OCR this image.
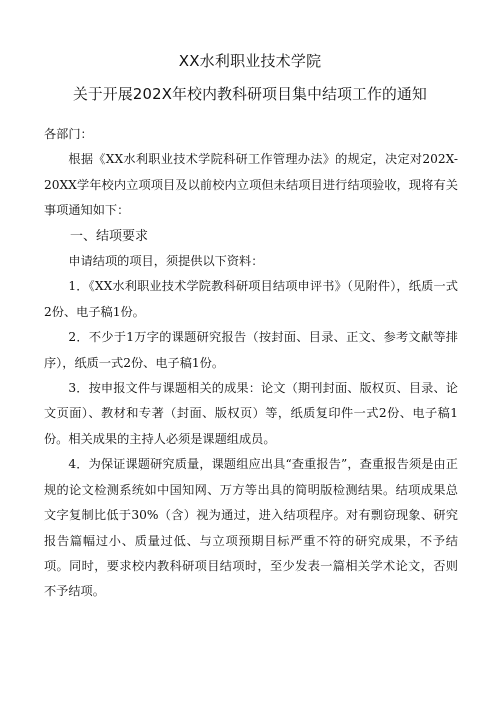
XX水利职业技术学院
关于开展202X年校内教科研项目集中结项工作的通知

各部门：

根据《XX水利职业技术学院科研工作管理办法》的规定，决定对202X-20XX学年校内立项项目及以前校内立项但未结项目进行结项验收，现将有关事项通知如下：

一、结项要求

申请结项的项目，须提供以下资料：

1．《XX水利职业技术学院教科研项目结项申评书》（见附件），纸质一式2份、电子稿1份。

2．不少于1万字的课题研究报告（按封面、目录、正文、参考文献等排序），纸质一式2份、电子稿1份。

3．按申报文件与课题相关的成果：论文（期刊封面、版权页、目录、论文页面）、教材和专著（封面、版权页）等，纸质复印件一式2份、电子稿1份。相关成果的主持人必须是课题组成员。

4．为保证课题研究质量，课题组应出具“查重报告”，查重报告须是由正规的论文检测系统如中国知网、万方等出具的简明版检测结果。结项成果总文字复制比低于30%（含）视为通过，进入结项程序。对有剽窃现象、研究报告篇幅过小、质量过低、与立项预期目标严重不符的研究成果，不予结项。同时，要求校内教科研项目结项时，至少发表一篇相关学术论文，否则不予结项。
